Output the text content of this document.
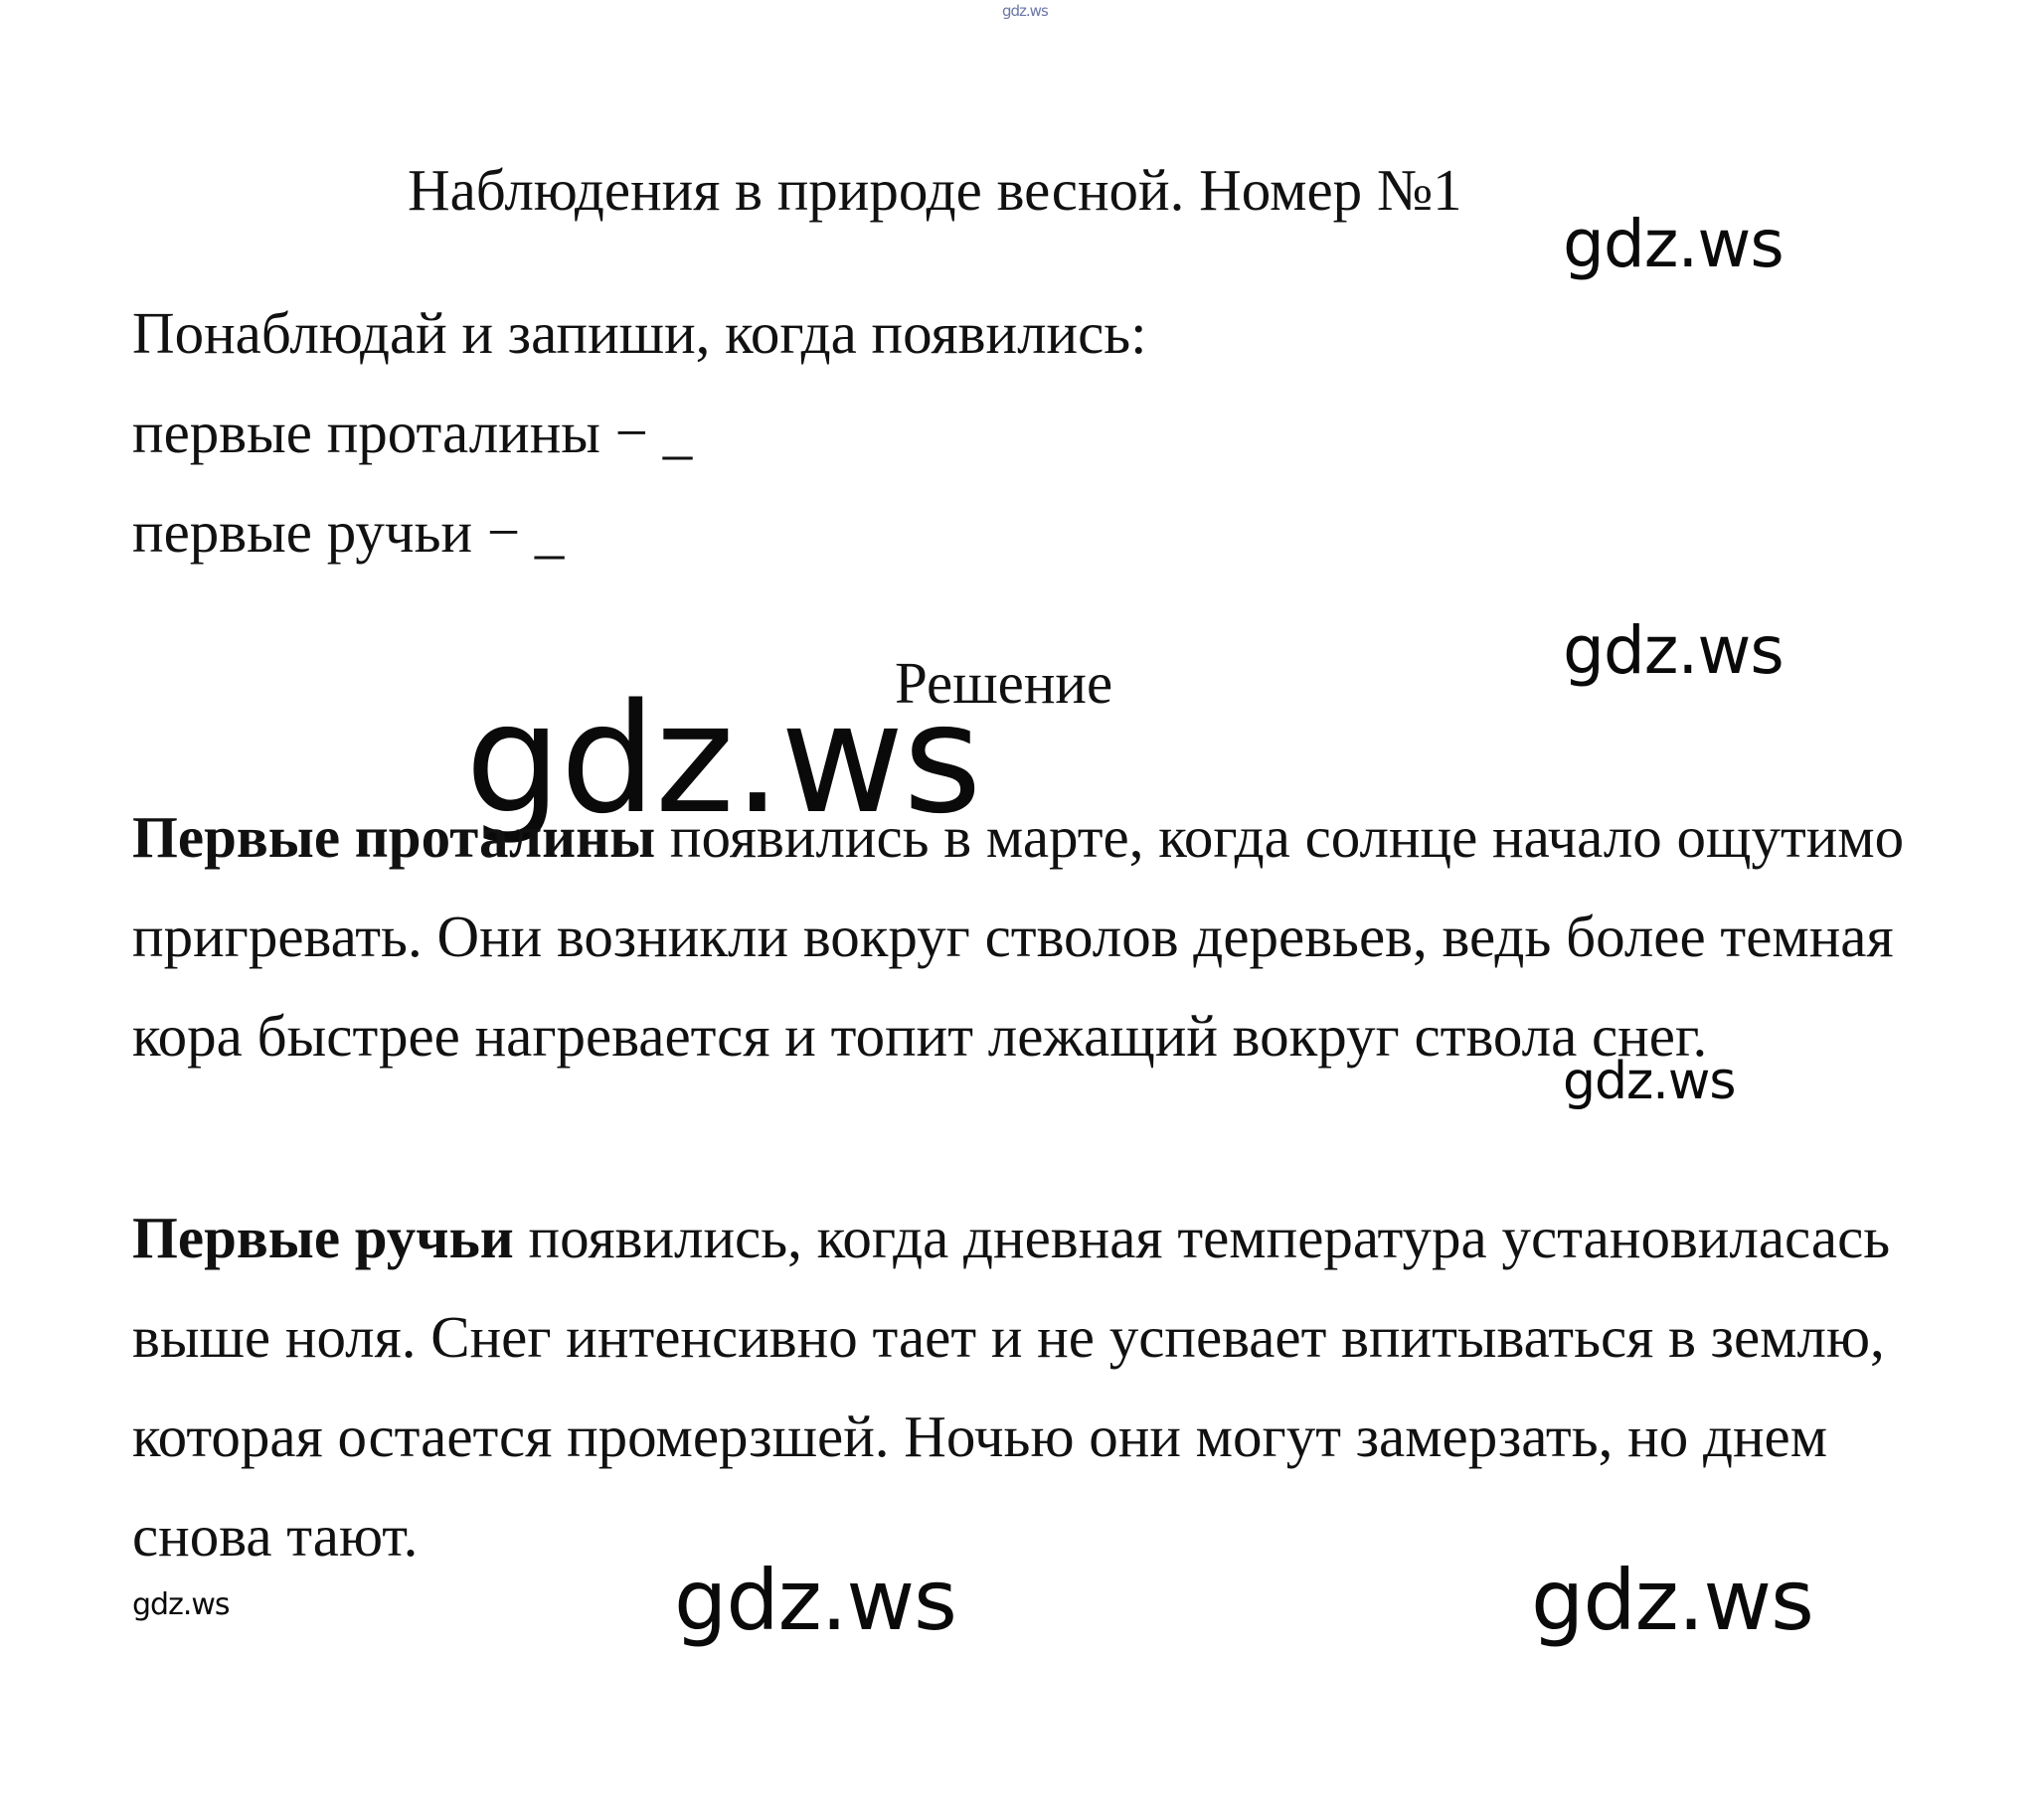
gdz.ws
Наблюдения в природе весной. Номер №1
gdz.ws
Понаблюдай и запиши, когда появились:
первые проталины − _
первые ручьи − _
gdz.ws
Решение
gdz.ws
Первые проталины появились в марте, когда солнце начало ощутимо пригревать. Они возникли вокруг стволов деревьев, ведь более темная кора быстрее нагревается и топит лежащий вокруг ствола снег.
gdz.ws
Первые ручьи появились, когда дневная температура установиласась выше ноля. Снег интенсивно тает и не успевает впитываться в землю, которая остается промерзшей. Ночью они могут замерзать, но днем снова тают.
gdz.ws	gdz.ws	gdz.ws
